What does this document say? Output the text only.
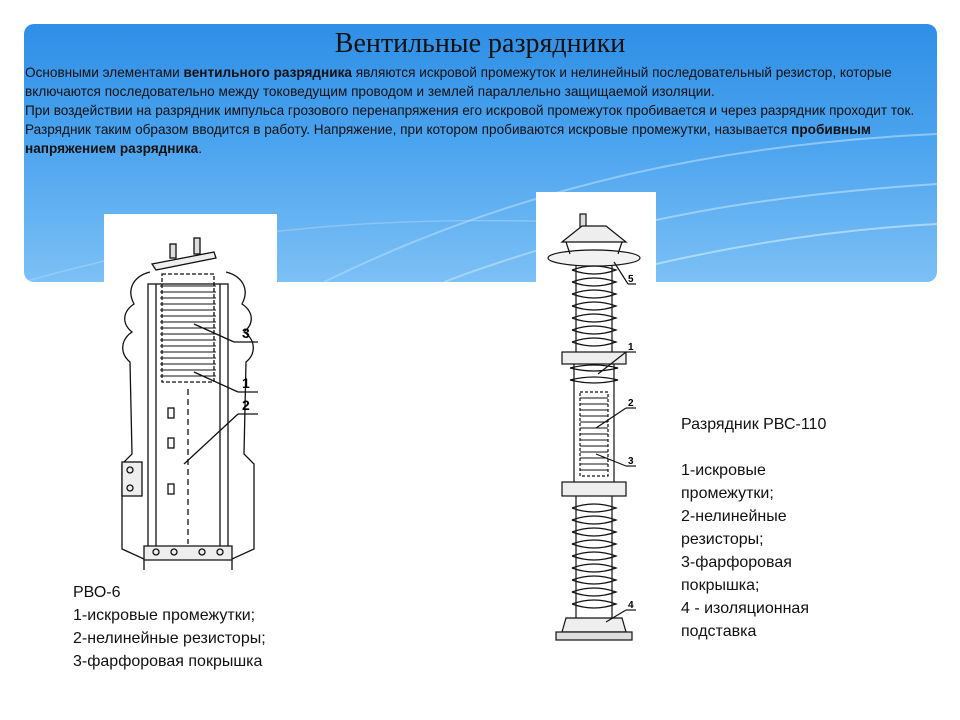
Вентильные разрядники

Основными элементами вентильного разрядника являются искровой промежуток и нелинейный последовательный резистор, которые включаются последовательно между токоведущим проводом и землей параллельно защищаемой изоляции.
При воздействии на разрядник импульса грозового перенапряжения его искровой промежуток пробивается и через разрядник проходит ток. Разрядник таким образом вводится в работу. Напряжение, при котором пробиваются искровые промежутки, называется пробивным напряжением разрядника.

3
1
2
5
1
2
3
4

РВО-6
1-искровые промежутки;
2-нелинейные резисторы;
3-фарфоровая покрышка

Разрядник РВС-110
1-искровые
промежутки;
2-нелинейные
резисторы;
3-фарфоровая
покрышка;
4 - изоляционная
подставка
